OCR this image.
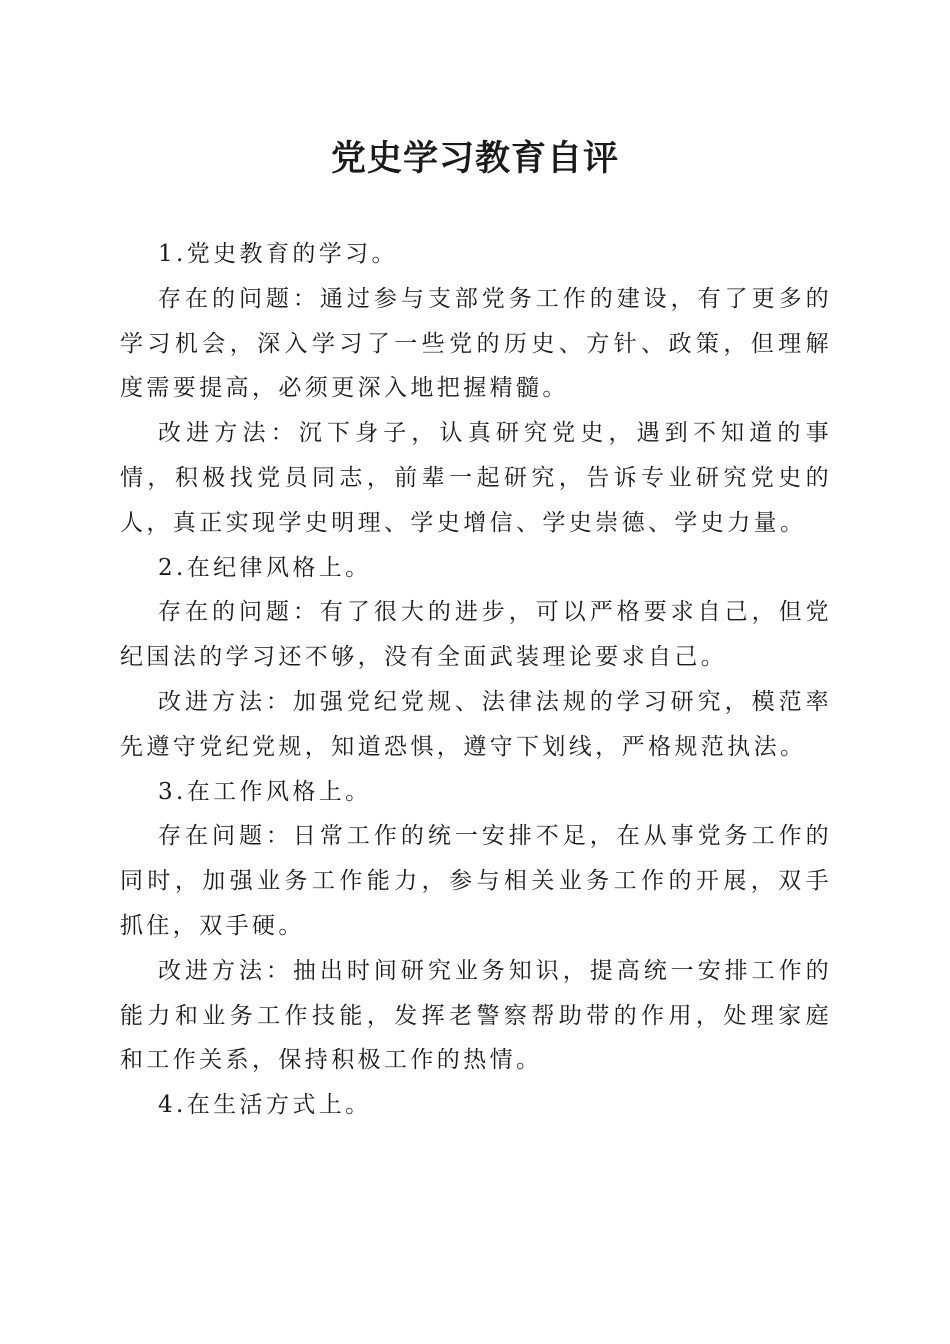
党史学习教育自评

1.党史教育的学习。

存在的问题：通过参与支部党务工作的建设，有了更多的学习机会，深入学习了一些党的历史、方针、政策，但理解度需要提高，必须更深入地把握精髓。

改进方法：沉下身子，认真研究党史，遇到不知道的事情，积极找党员同志，前辈一起研究，告诉专业研究党史的人，真正实现学史明理、学史增信、学史崇德、学史力量。

2.在纪律风格上。

存在的问题：有了很大的进步，可以严格要求自己，但党纪国法的学习还不够，没有全面武装理论要求自己。

改进方法：加强党纪党规、法律法规的学习研究，模范率先遵守党纪党规，知道恐惧，遵守下划线，严格规范执法。

3.在工作风格上。

存在问题：日常工作的统一安排不足，在从事党务工作的同时，加强业务工作能力，参与相关业务工作的开展，双手抓住，双手硬。

改进方法：抽出时间研究业务知识，提高统一安排工作的能力和业务工作技能，发挥老警察帮助带的作用，处理家庭和工作关系，保持积极工作的热情。

4.在生活方式上。
